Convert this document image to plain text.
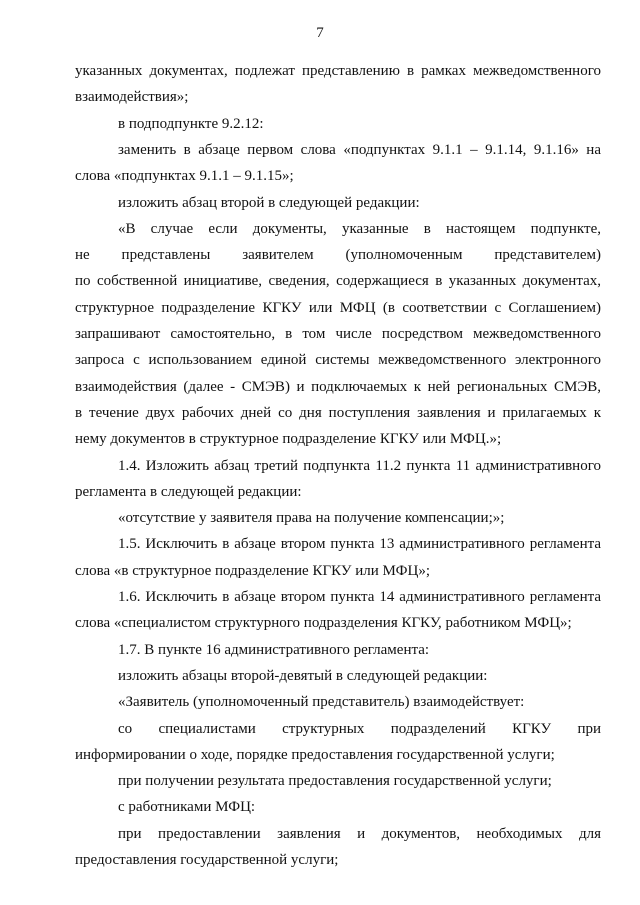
7
указанных документах, подлежат представлению в рамках межведомственного
взаимодействия»;
в подподпункте 9.2.12:
заменить в абзаце первом слова «подпунктах 9.1.1 – 9.1.14, 9.1.16» на
слова «подпунктах 9.1.1 – 9.1.15»;
изложить абзац второй в следующей редакции:
«В случае если документы, указанные в настоящем подпункте,
не представлены заявителем (уполномоченным представителем)
по собственной инициативе, сведения, содержащиеся в указанных документах,
структурное подразделение КГКУ или МФЦ (в соответствии с Соглашением)
запрашивают самостоятельно, в том числе посредством межведомственного
запроса с использованием единой системы межведомственного электронного
взаимодействия (далее - СМЭВ) и подключаемых к ней региональных СМЭВ,
в течение двух рабочих дней со дня поступления заявления и прилагаемых к
нему документов в структурное подразделение КГКУ или МФЦ.»;
1.4. Изложить абзац третий подпункта 11.2 пункта 11 административного
регламента в следующей редакции:
«отсутствие у заявителя права на получение компенсации;»;
1.5. Исключить в абзаце втором пункта 13 административного регламента
слова «в структурное подразделение КГКУ или МФЦ»;
1.6. Исключить в абзаце втором пункта 14 административного регламента
слова «специалистом структурного подразделения КГКУ, работником МФЦ»;
1.7. В пункте 16 административного регламента:
изложить абзацы второй-девятый в следующей редакции:
«Заявитель (уполномоченный представитель) взаимодействует:
со специалистами структурных подразделений КГКУ при
информировании о ходе, порядке предоставления государственной услуги;
при получении результата предоставления государственной услуги;
с работниками МФЦ:
при предоставлении заявления и документов, необходимых для
предоставления государственной услуги;
